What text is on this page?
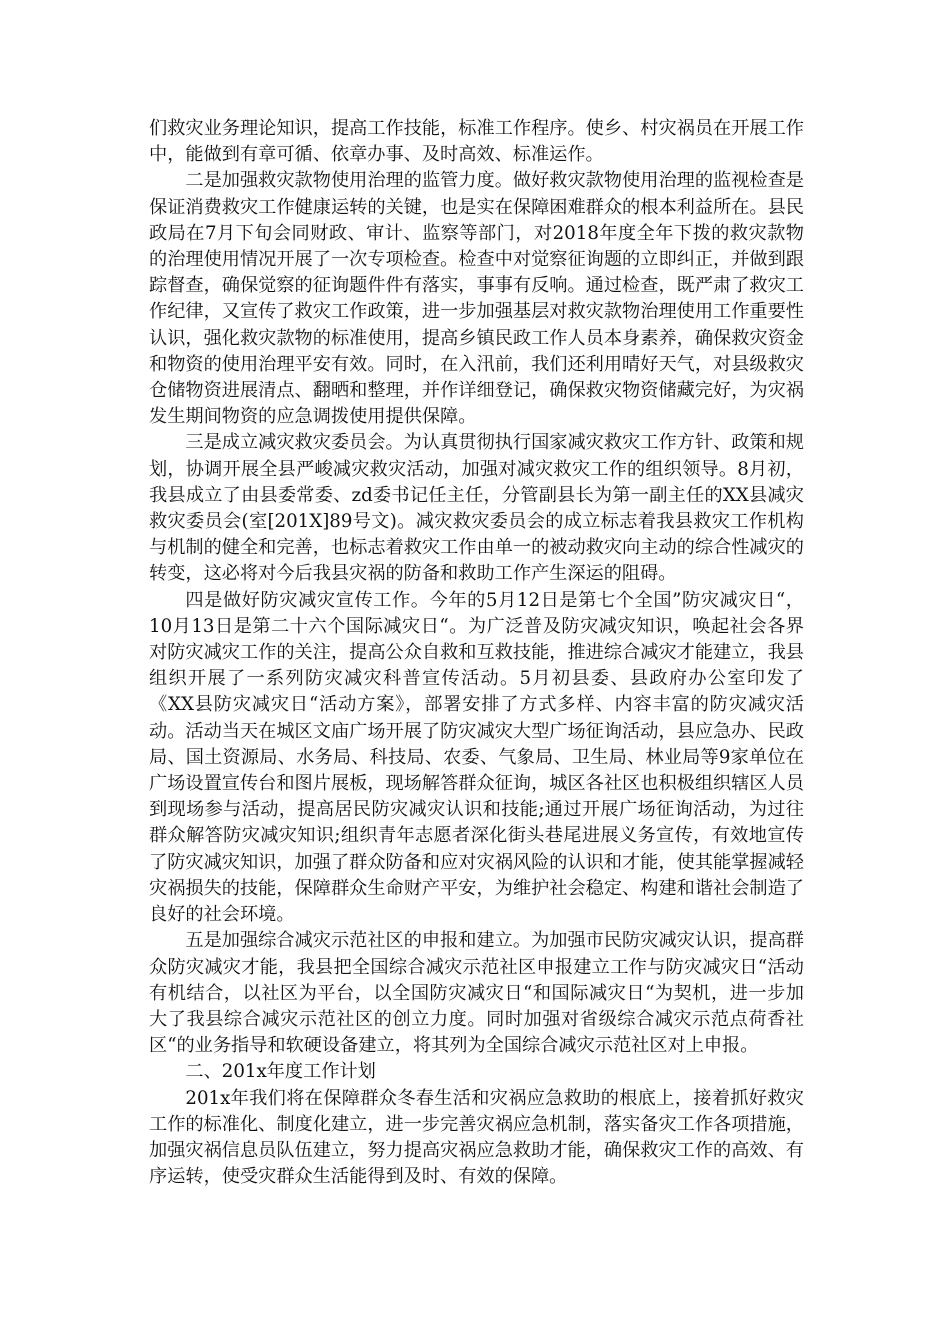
们救灾业务理论知识，提高工作技能，标准工作程序。使乡、村灾祸员在开展工作中，能做到有章可循、依章办事、及时高效、标准运作。

二是加强救灾款物使用治理的监管力度。做好救灾款物使用治理的监视检查是保证消费救灾工作健康运转的关键，也是实在保障困难群众的根本利益所在。县民政局在7月下旬会同财政、审计、监察等部门，对2018年度全年下拨的救灾款物的治理使用情况开展了一次专项检查。检查中对觉察征询题的立即纠正，并做到跟踪督查，确保觉察的征询题件件有落实，事事有反响。通过检查，既严肃了救灾工作纪律，又宣传了救灾工作政策，进一步加强基层对救灾款物治理使用工作重要性认识，强化救灾款物的标准使用，提高乡镇民政工作人员本身素养，确保救灾资金和物资的使用治理平安有效。同时，在入汛前，我们还利用晴好天气，对县级救灾仓储物资进展清点、翻晒和整理，并作详细登记，确保救灾物资储藏完好，为灾祸发生期间物资的应急调拨使用提供保障。

三是成立减灾救灾委员会。为认真贯彻执行国家减灾救灾工作方针、政策和规划，协调开展全县严峻减灾救灾活动，加强对减灾救灾工作的组织领导。8月初，我县成立了由县委常委、zd委书记任主任，分管副县长为第一副主任的XX县减灾救灾委员会(室[201X]89号文)。减灾救灾委员会的成立标志着我县救灾工作机构与机制的健全和完善，也标志着救灾工作由单一的被动救灾向主动的综合性减灾的转变，这必将对今后我县灾祸的防备和救助工作产生深运的阻碍。

四是做好防灾减灾宣传工作。今年的5月12日是第七个全国”防灾减灾日“，10月13日是第二十六个国际减灾日“。为广泛普及防灾减灾知识，唤起社会各界对防灾减灾工作的关注，提高公众自救和互救技能，推进综合减灾才能建立，我县组织开展了一系列防灾减灾科普宣传活动。5月初县委、县政府办公室印发了《XX县防灾减灾日“活动方案》，部署安排了方式多样、内容丰富的防灾减灾活动。活动当天在城区文庙广场开展了防灾减灾大型广场征询活动，县应急办、民政局、国土资源局、水务局、科技局、农委、气象局、卫生局、林业局等9家单位在广场设置宣传台和图片展板，现场解答群众征询，城区各社区也积极组织辖区人员到现场参与活动，提高居民防灾减灾认识和技能;通过开展广场征询活动，为过往群众解答防灾减灾知识;组织青年志愿者深化街头巷尾进展义务宣传，有效地宣传了防灾减灾知识，加强了群众防备和应对灾祸风险的认识和才能，使其能掌握减轻灾祸损失的技能，保障群众生命财产平安，为维护社会稳定、构建和谐社会制造了良好的社会环境。

五是加强综合减灾示范社区的申报和建立。为加强市民防灾减灾认识，提高群众防灾减灾才能，我县把全国综合减灾示范社区申报建立工作与防灾减灾日“活动有机结合，以社区为平台，以全国防灾减灾日“和国际减灾日“为契机，进一步加大了我县综合减灾示范社区的创立力度。同时加强对省级综合减灾示范点荷香社区“的业务指导和软硬设备建立，将其列为全国综合减灾示范社区对上申报。

二、201x年度工作计划

201x年我们将在保障群众冬春生活和灾祸应急救助的根底上，接着抓好救灾工作的标准化、制度化建立，进一步完善灾祸应急机制，落实备灾工作各项措施，加强灾祸信息员队伍建立，努力提高灾祸应急救助才能，确保救灾工作的高效、有序运转，使受灾群众生活能得到及时、有效的保障。
